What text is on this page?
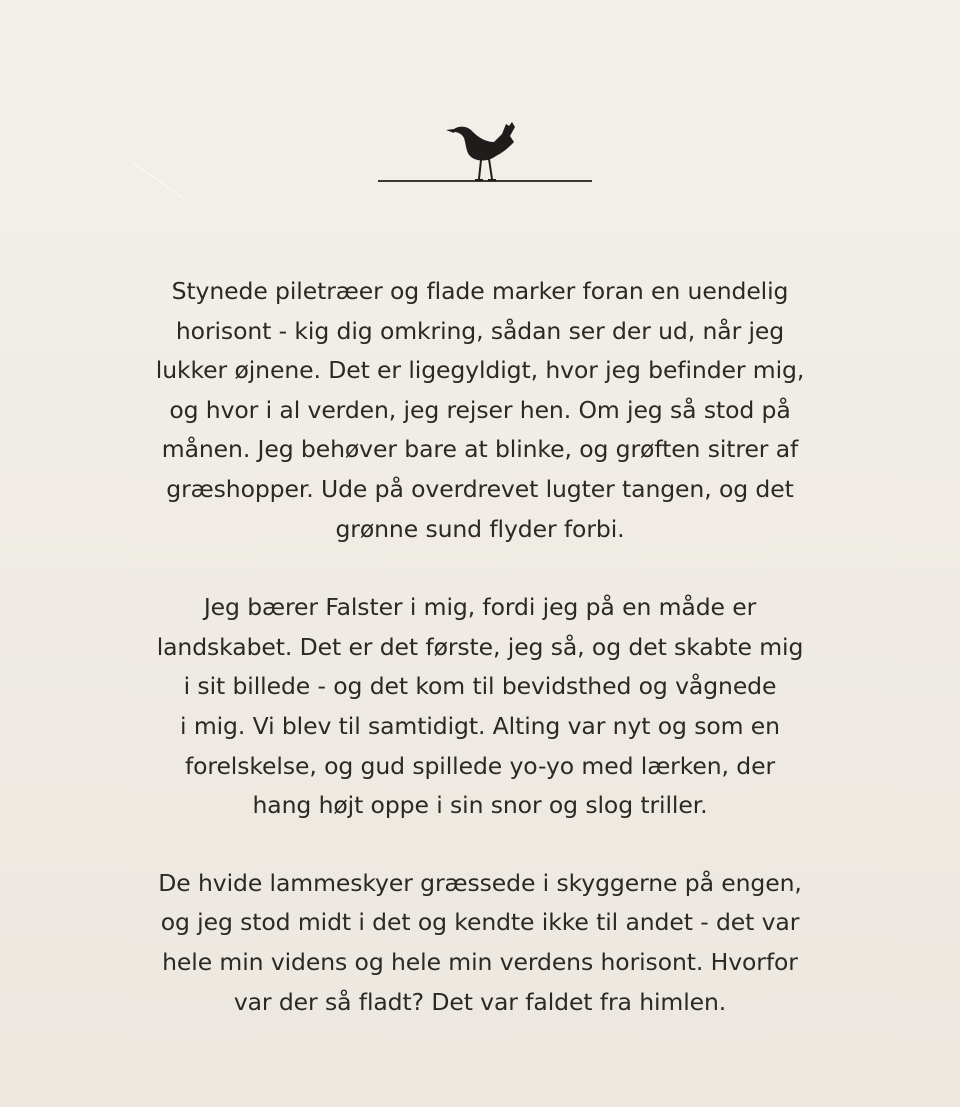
Stynede piletræer og flade marker foran en uendelig
horisont - kig dig omkring, sådan ser der ud, når jeg
lukker øjnene. Det er ligegyldigt, hvor jeg befinder mig,
og hvor i al verden, jeg rejser hen. Om jeg så stod på
månen. Jeg behøver bare at blinke, og grøften sitrer af
græshopper. Ude på overdrevet lugter tangen, og det
grønne sund flyder forbi.

Jeg bærer Falster i mig, fordi jeg på en måde er
landskabet. Det er det første, jeg så, og det skabte mig
i sit billede - og det kom til bevidsthed og vågnede
i mig. Vi blev til samtidigt. Alting var nyt og som en
forelskelse, og gud spillede yo-yo med lærken, der
hang højt oppe i sin snor og slog triller.

De hvide lammeskyer græssede i skyggerne på engen,
og jeg stod midt i det og kendte ikke til andet - det var
hele min videns og hele min verdens horisont. Hvorfor
var der så fladt? Det var faldet fra himlen.
